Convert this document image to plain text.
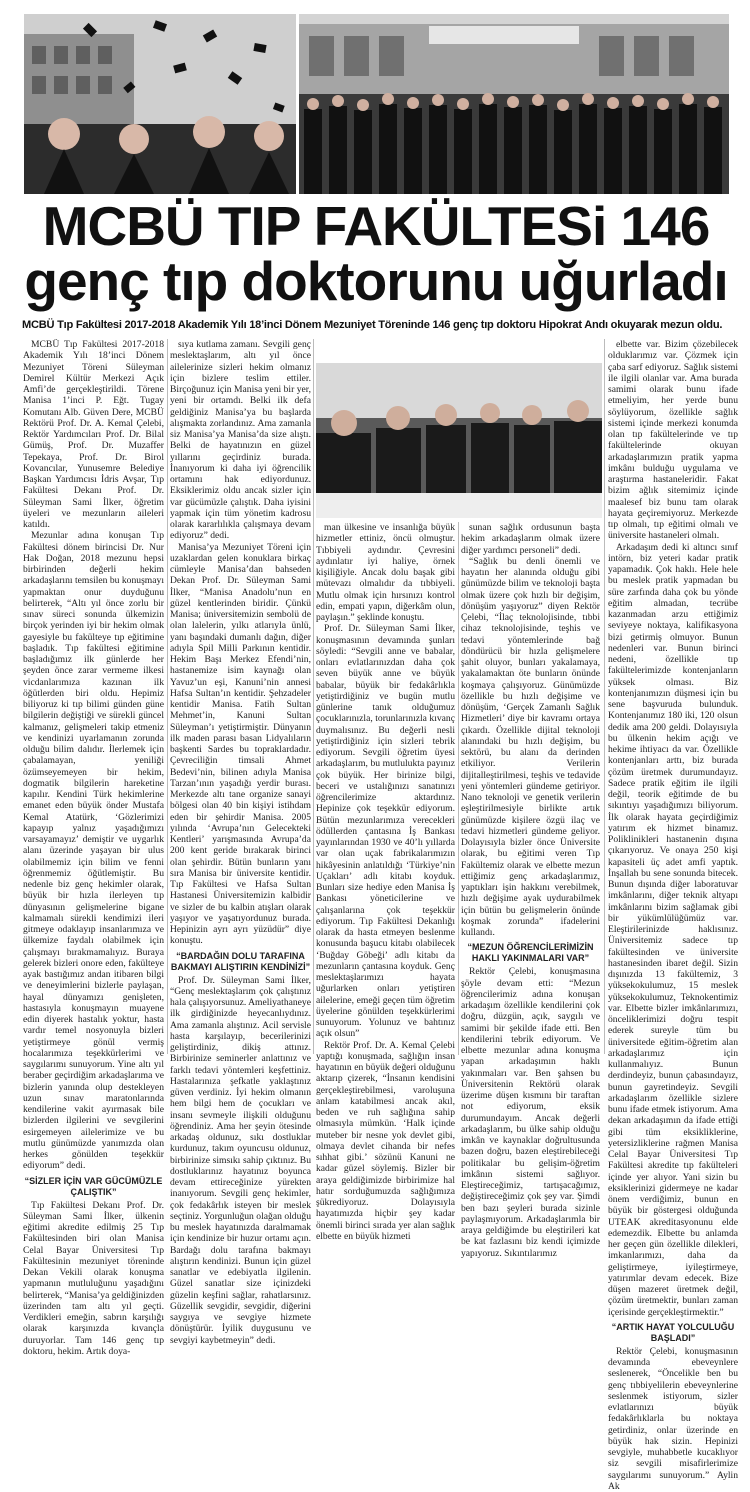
MCBÜ TIP FAKÜLTESi 146
genç tıp doktorunu uğurladı
MCBÜ Tıp Fakültesi 2017-2018 Akademik Yılı 18’inci Dönem Mezuniyet Töreninde 146 genç tıp doktoru Hipokrat Andı okuyarak mezun oldu.

MCBÜ Tıp Fakültesi 2017-2018 Akademik Yılı 18’inci Dönem Mezuniyet Töreni Süleyman Demirel Kültür Merkezi Açık Amfi’de gerçekleştirildi. Törene Manisa 1’inci P. Eğt. Tugay Komutanı Alb. Güven Dere, MCBÜ Rektörü Prof. Dr. A. Kemal Çelebi, Rektör Yardımcıları Prof. Dr. Bilal Gümüş, Prof. Dr. Muzaffer Tepekaya, Prof. Dr. Birol Kovancılar, Yunusemre Belediye Başkan Yardımcısı İdris Avşar, Tıp Fakültesi Dekanı Prof. Dr. Süleyman Sami İlker, öğretim üyeleri ve mezunların aileleri katıldı.

Mezunlar adına konuşan Tıp Fakültesi dönem birincisi Dr. Nur Hak Doğan, 2018 mezunu hepsi birbirinden değerli hekim arkadaşlarını temsilen bu konuşmayı yapmaktan onur duyduğunu belirterek, “Altı yıl önce zorlu bir sınav süreci sonunda ülkemizin birçok yerinden iyi bir hekim olmak gayesiyle bu fakülteye tıp eğitimine başladık. Tıp fakültesi eğitimine başladığımız ilk günlerde her şeyden önce zarar vermeme ilkesi vicdanlarımıza kazınan ilk öğütlerden biri oldu. Hepimiz biliyoruz ki tıp bilimi günden güne bilgilerin değiştiği ve sürekli güncel kalmanız, gelişmeleri takip etmeniz ve kendinizi uyarlamanın zorunda olduğu bilim dalıdır. İlerlemek için çabalamayan, yeniliği özümseyemeyen bir hekim, dogmatik bilgilerin hareketine kapılır. Kendini Türk hekimlerine emanet eden büyük önder Mustafa Kemal Atatürk, ‘Gözlerimizi kapayıp yalnız yaşadığımızı varsayamayız’ demiştir ve uygarlık alanı üzerinde yaşayan bir ulus olabilmemiz için bilim ve fenni öğrenmemiz öğütlemiştir. Bu nedenle biz genç hekimler olarak, büyük bir hızla ilerleyen tıp dünyasının gelişmelerine bigane kalmamalı sürekli kendimizi ileri gitmeye odaklayıp insanlarımıza ve ülkemize faydalı olabilmek için çalışmayı bırakmamalıyız. Buraya gelerek bizleri onore eden, fakülteye ayak bastığımız andan itibaren bilgi ve deneyimlerini bizlerle paylaşan, hayal dünyamızı genişleten, hastasıyla konuşmayın muayene edin diyerek hastalık yoktur, hasta vardır temel nosyonuyla bizleri yetiştirmeye gönül vermiş hocalarımıza teşekkürlerimi ve saygılarımı sunuyorum. Yine altı yıl beraber geçirdiğim arkadaşlarıma ve bizlerin yanında olup destekleyen uzun sınav maratonlarında kendilerine vakit ayırmasak bile bizlerden ilgilerini ve sevgilerini esirgemeyen ailelerimize ve bu mutlu günümüzde yanımızda olan herkes gönülden teşekkür ediyorum” dedi.

“SİZLER İÇİN VAR GÜCÜMÜZLE ÇALIŞTIK”

Tıp Fakültesi Dekanı Prof. Dr. Süleyman Sami İlker, ülkenin eğitimi akredite edilmiş 25 Tıp Fakültesinden biri olan Manisa Celal Bayar Üniversitesi Tıp Fakültesinin mezuniyet töreninde Dekan Vekili olarak konuşma yapmanın mutluluğunu yaşadığını belirterek, “Manisa’ya geldiğinizden üzerinden tam altı yıl geçti. Verdikleri emeğin, sabrın karşılığı olarak karşınızda kıvançla duruyorlar. Tam 146 genç tıp doktoru, hekim. Artık doya-

sıya kutlama zamanı. Sevgili genç meslektaşlarım, altı yıl önce ailelerinize sizleri hekim olmanız için bizlere teslim ettiler. Birçoğunuz için Manisa yeni bir yer, yeni bir ortamdı. Belki ilk defa geldiğiniz Manisa’ya bu başlarda alışmakta zorlandınız. Ama zamanla siz Manisa’ya Manisa’da size alıştı. Belki de hayatınızın en güzel yıllarını geçirdiniz burada. İnanıyorum ki daha iyi öğrencilik ortamını hak ediyordunuz. Eksiklerimiz oldu ancak sizler için var gücümüzle çalıştık. Daha iyisini yapmak için tüm yönetim kadrosu olarak kararlılıkla çalışmaya devam ediyoruz” dedi.

Manisa’ya Mezuniyet Töreni için uzaklardan gelen konuklara birkaç cümleyle Manisa’dan bahseden Dekan Prof. Dr. Süleyman Sami İlker, “Manisa Anadolu’nun en güzel kentlerinden biridir. Çünkü Manisa; üniversitemizin sembolü de olan lalelerin, yılkı atlarıyla ünlü, yanı başındaki dumanlı dağın, diğer adıyla Spil Milli Parkının kentidir. Hekim Başı Merkez Efendi’nin, hastanemize isim kaynağı olan Yavuz’un eşi, Kanuni’nin annesi Hafsa Sultan’ın kentidir. Şehzadeler kentidir Manisa. Fatih Sultan Mehmet’in, Kanuni Sultan Süleyman’ı yetiştirmiştir. Dünyanın ilk maden parası basan Lidyalıların başkenti Sardes bu topraklardadır. Çevreciliğin timsali Ahmet Bedevi’nin, bilinen adıyla Manisa Tarzan’ının yaşadığı yerdir burası. Merkezde altı tane organize sanayi bölgesi olan 40 bin kişiyi istihdam eden bir şehirdir Manisa. 2005 yılında ‘Avrupa’nın Gelecekteki Kentleri’ yarışmasında Avrupa’da 200 kent geride bırakarak birinci olan şehirdir. Bütün bunların yanı sıra Manisa bir üniversite kentidir. Tıp Fakültesi ve Hafsa Sultan Hastanesi Üniversitemizin kalbidir ve sizler de bu kalbin atışları olarak yaşıyor ve yaşatıyordunuz burada. Hepinizin ayrı ayrı yüzüdür” diye konuştu.

“BARDAĞIN DOLU TARAFINA BAKMAYI ALIŞTIRIN KENDİNİZİ”

Prof. Dr. Süleyman Sami İlker, “Genç meslektaşlarım çok çalıştınız hala çalışıyorsunuz. Ameliyathaneye ilk girdiğinizde heyecanlıydınız. Ama zamanla alıştınız. Acil servisle hasta karşılayıp, becerilerinizi geliştirdiniz, dikiş attınız. Birbirinize seminerler anlattınız ve farklı tedavi yöntemleri keşfettiniz. Hastalarınıza şefkatle yaklaştınız güven verdiniz. İyi hekim olmanın hem bilgi hem de çocukları ve insanı sevmeyle ilişkili olduğunu öğrendiniz. Ama her şeyin ötesinde arkadaş oldunuz, sıkı dostluklar kurdunuz, takım oyuncusu oldunuz, birbirinize simsıkı sahip çıktınız. Bu dostluklarınız hayatınız boyunca devam ettireceğinize yürekten inanıyorum. Sevgili genç hekimler, çok fedakârlık isteyen bir meslek seçtiniz. Yorgunluğun olağan olduğu bu meslek hayatınızda daralmamak için kendinize bir huzur ortamı açın. Bardağı dolu tarafına bakmayı alıştırın kendinizi. Bunun için güzel sanatlar ve edebiyatla ilgilenin. Güzel sanatlar size içinizdeki güzelin keşfini sağlar, rahatlarsınız. Güzellik sevgidir, sevgidir, diğerini saygıya ve sevgiye hizmete dönüştürür. İyilik duygusunu ve sevgiyi kaybetmeyin” dedi.

man ülkesine ve insanlığa büyük hizmetler ettiniz, öncü olmuştur. Tıbbiyeli aydındır. Çevresini aydınlatır iyi haliye, örnek kişiliğiyle. Ancak dolu başak gibi mütevazı olmalıdır da tıbbiyeli. Mutlu olmak için hırsınızı kontrol edin, empati yapın, diğerkâm olun, paylaşın.” şeklinde konuştu.

Prof. Dr. Süleyman Sami İlker, konuşmasının devamında şunları söyledi: “Sevgili anne ve babalar, onları evlatlarınızdan daha çok seven büyük anne ve büyük babalar, büyük bir fedakârlıkla yetiştirdiğiniz ve bugün mutlu günlerine tanık olduğumuz çocuklarınızla, torunlarınızla kıvanç duymalısınız. Bu değerli nesli yetiştirdiğiniz için sizleri tebrik ediyorum. Sevgili öğretim üyesi arkadaşlarım, bu mutlulukta payınız çok büyük. Her birinize bilgi, beceri ve ustalığınızı sanatınızı öğrencilerimize aktardınız. Hepinize çok teşekkür ediyorum. Bütün mezunlarımıza verecekleri ödüllerden çantasına İş Bankası yayınlarından 1930 ve 40’lı yıllarda var olan uçak fabrikalarımızın hikâyesinin anlatıldığı ‘Türkiye’nin Uçakları’ adlı kitabı koyduk. Bunları size hediye eden Manisa İş Bankası yöneticilerine ve çalışanlarına çok teşekkür ediyorum. Tıp Fakültesi Dekanlığı olarak da hasta etmeyen beslenme konusunda başucu kitabı olabilecek ‘Buğday Göbeği’ adlı kitabı da mezunların çantasına koyduk. Genç meslektaşlarımızı hayata uğurlarken onları yetiştiren ailelerine, emeği geçen tüm öğretim üyelerine gönülden teşekkürlerimi sunuyorum. Yolunuz ve bahtınız açık olsun”

Rektör Prof. Dr. A. Kemal Çelebi yaptığı konuşmada, sağlığın insan hayatının en büyük değeri olduğunu aktarıp çizerek, “İnsanın kendisini gerçekleştirebilmesi, varoluşuna anlam katabilmesi ancak akıl, beden ve ruh sağlığına sahip olmasıyla mümkün. ‘Halk içinde muteber bir nesne yok devlet gibi, olmaya devlet cihanda bir nefes sıhhat gibi.’ sözünü Kanuni ne kadar güzel söylemiş. Bizler bir araya geldiğimizde birbirimize hal hatır sorduğumuzda sağlığımıza şükrediyoruz. Dolayısıyla hayatımızda hiçbir şey kadar önemli birinci sırada yer alan sağlık elbette en büyük hizmeti

sunan sağlık ordusunun başta hekim arkadaşlarım olmak üzere diğer yardımcı personeli” dedi.

“Sağlık bu denli önemli ve hayatın her alanında olduğu gibi günümüzde bilim ve teknoloji başta olmak üzere çok hızlı bir değişim, dönüşüm yaşıyoruz” diyen Rektör Çelebi, “İlaç teknolojisinde, tıbbi cihaz teknolojisinde, teşhis ve tedavi yöntemlerinde bağ döndürücü bir hızla gelişmelere şahit oluyor, bunları yakalamaya, yakalamaktan öte bunların önünde koşmaya çalışıyoruz. Günümüzde özellikle bu hızlı değişime ve dönüşüm, ‘Gerçek Zamanlı Sağlık Hizmetleri’ diye bir kavramı ortaya çıkardı. Özellikle dijital teknoloji alanındaki bu hızlı değişim, bu sektörü, bu alanı da derinden etkiliyor. Verilerin dijitalleştirilmesi, teşhis ve tedavide yeni yöntemleri gündeme getiriyor. Nano teknoloji ve genetik verilerin eşleştirilmesiyle birlikte artık günümüzde kişilere özgü ilaç ve tedavi hizmetleri gündeme geliyor. Dolayısıyla bizler önce Üniversite olarak, bu eğitimi veren Tıp Fakültemiz olarak ve elbette mezun ettiğimiz genç arkadaşlarımız, yaptıkları işin hakkını verebilmek, hızlı değişime ayak uydurabilmek için bütün bu gelişmelerin önünde koşmak zorunda” ifadelerini kullandı.

“MEZUN ÖĞRENCİLERİMİZİN HAKLI YAKINMALARI VAR”

Rektör Çelebi, konuşmasına şöyle devam etti: “Mezun öğrencilerimiz adına konuşan arkadaşım özellikle kendilerini çok doğru, düzgün, açık, saygılı ve samimi bir şekilde ifade etti. Ben kendilerini tebrik ediyorum. Ve elbette mezunlar adına konuşma yapan arkadaşımın haklı yakınmaları var. Ben şahsen bu Üniversitenin Rektörü olarak üzerime düşen kısmını bir taraftan not ediyorum, eksik durumundayım. Ancak değerli arkadaşlarım, bu ülke sahip olduğu imkân ve kaynaklar doğrultusunda bazen doğru, bazen eleştirebileceği politikalar bu gelişim-öğretim imkânın sistemi sağlıyor. Eleştireceğimiz, tartışacağımız, değiştireceğimiz çok şey var. Şimdi ben bazı şeyleri burada sizinle paylaşmıyorum. Arkadaşlarımla bir araya geldiğimde bu eleştirileri kat be kat fazlasını biz kendi içimizde yapıyoruz. Sıkıntılarımız

elbette var. Bizim çözebilecek olduklarımız var. Çözmek için çaba sarf ediyoruz. Sağlık sistemi ile ilgili olanlar var. Ama burada samimi olarak bunu ifade etmeliyim, her yerde bunu söylüyorum, özellikle sağlık sistemi içinde merkezi konumda olan tıp fakültelerinde ve tıp fakültelerinde okuyan arkadaşlarımızın pratik yapma imkânı bulduğu uygulama ve araştırma hastaneleridir. Fakat bizim ağlık sitemimiz içinde maalesef biz bunu tam olarak hayata geçiremiyoruz. Merkezde tıp olmalı, tıp eğitimi olmalı ve üniversite hastaneleri olmalı.

Arkadaşım dedi ki altıncı sınıf intörn, biz yeteri kadar pratik yapamadık. Çok haklı. Hele hele bu meslek pratik yapmadan bu süre zarfında daha çok bu yönde eğitim almadan, tecrübe kazanmadan arzu ettiğimiz seviyeye noktaya, kalifikasyona bizi getirmiş olmuyor. Bunun nedenleri var. Bunun birinci nedeni, özellikle tıp fakültelerimizde kontenjanların yüksek olması. Biz kontenjanımızın düşmesi için bu sene başvuruda bulunduk. Kontenjanımız 180 iki, 120 olsun dedik ama 200 geldi. Dolayısıyla bu ülkenin hekim açığı ve hekime ihtiyacı da var. Özellikle kontenjanları arttı, biz burada çözüm üretmek durumundayız. Sadece pratik eğitim ile ilgili değil, teorik eğitimde de bu sıkıntıyı yaşadığımızı biliyorum. İlk olarak hayata geçirdiğimiz yatırım ek hizmet binamız. Poliklinikleri hastanenin dışına çıkarıyoruz. Ve onaya 250 kişi kapasiteli üç adet amfi yaptık. İnşallah bu sene sonunda bitecek. Bunun dışında diğer laboratuvar imkânlarını, diğer teknik altyapı imkânlarını bizim sağlamak gibi bir yükümlülüğümüz var. Eleştirilerinizde haklısınız. Üniversitemiz sadece tıp fakültesinden ve üniversite hastanesinden ibaret değil. Sizin dışınızda 13 fakültemiz, 3 yüksekokulumuz, 15 meslek yüksekokulumuz, Teknokentimiz var. Elbette bizler imkânlarımızı, önceliklerimizi doğru tespit ederek sureyle tüm bu üniversitede eğitim-öğretim alan arkadaşlarımız için kullanmalıyız. Bunun derdindeyiz, bunun çabasındayız, bunun gayretindeyiz. Sevgili arkadaşlarım özellikle sizlere bunu ifade etmek istiyorum. Ama dekan arkadaşımın da ifade ettiği gibi tüm eksikliklerine, yetersizliklerine rağmen Manisa Celal Bayar Üniversitesi Tıp Fakültesi akredite tıp fakülteleri içinde yer alıyor. Yani sizin bu eksiklerinizi gidermeye ne kadar önem verdiğimiz, bunun en büyük bir göstergesi olduğunda UTEAK akreditasyonunu elde edemezdik. Elbette bu anlamda her geçen gün özellikle dilekleri, imkanlarımızı, daha da geliştirmeye, iyileştirmeye, yatırımlar devam edecek. Bize düşen mazeret üretmek değil, çözüm üretmektir, bunları zaman içerisinde gerçekleştirmektir.”

“ARTIK HAYAT YOLCULUĞU BAŞLADI”

Rektör Çelebi, konuşmasının devamında ebeveynlere seslenerek, “Öncelikle ben bu genç tıbbiyelilerin ebeveynlerine seslenmek istiyorum, sizler evlatlarınızı büyük fedakârlıklarla bu noktaya getirdiniz, onlar üzerinde en büyük hak sizin. Hepinizi sevgiyle, muhabbetle kucaklıyor siz sevgili misafirlerimize saygılarımı sunuyorum.” Aylin Ak
